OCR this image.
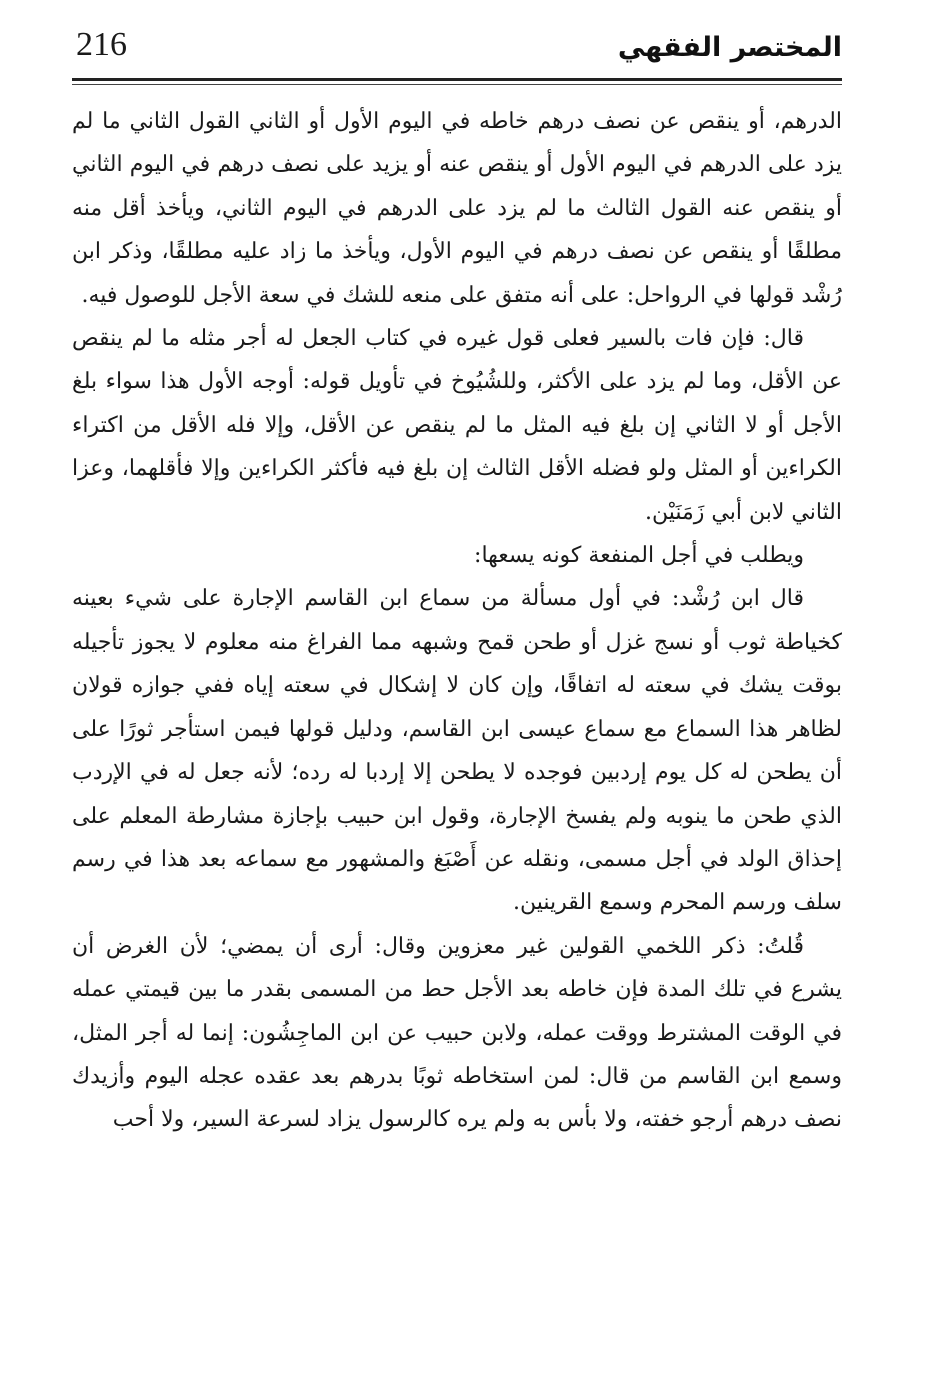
216	المختصر الفقهي

الدرهم، أو ينقص عن نصف درهم خاطه في اليوم الأول أو الثاني القول الثاني ما لم يزد على الدرهم في اليوم الأول أو ينقص عنه أو يزيد على نصف درهم في اليوم الثاني أو ينقص عنه القول الثالث ما لم يزد على الدرهم في اليوم الثاني، ويأخذ أقل منه مطلقًا أو ينقص عن نصف درهم في اليوم الأول، ويأخذ ما زاد عليه مطلقًا، وذكر ابن رُشْد قولها في الرواحل: على أنه متفق على منعه للشك في سعة الأجل للوصول فيه.

قال: فإن فات بالسير فعلى قول غيره في كتاب الجعل له أجر مثله ما لم ينقص عن الأقل، وما لم يزد على الأكثر، وللشُيُوخ في تأويل قوله: أوجه الأول هذا سواء بلغ الأجل أو لا الثاني إن بلغ فيه المثل ما لم ينقص عن الأقل، وإلا فله الأقل من اكتراء الكراءين أو المثل ولو فضله الأقل الثالث إن بلغ فيه فأكثر الكراءين وإلا فأقلهما، وعزا الثاني لابن أبي زَمَنَيْن.

ويطلب في أجل المنفعة كونه يسعها:

قال ابن رُشْد: في أول مسألة من سماع ابن القاسم الإجارة على شيء بعينه كخياطة ثوب أو نسج غزل أو طحن قمح وشبهه مما الفراغ منه معلوم لا يجوز تأجيله بوقت يشك في سعته له اتفاقًا، وإن كان لا إشكال في سعته إياه ففي جوازه قولان لظاهر هذا السماع مع سماع عيسى ابن القاسم، ودليل قولها فيمن استأجر ثورًا على أن يطحن له كل يوم إردبين فوجده لا يطحن إلا إردبا له رده؛ لأنه جعل له في الإردب الذي طحن ما ينوبه ولم يفسخ الإجارة، وقول ابن حبيب بإجازة مشارطة المعلم على إحذاق الولد في أجل مسمى، ونقله عن أَصْبَغ والمشهور مع سماعه بعد هذا في رسم سلف ورسم المحرم وسمع القرينين.

قُلتُ: ذكر اللخمي القولين غير معزوين وقال: أرى أن يمضي؛ لأن الغرض أن يشرع في تلك المدة فإن خاطه بعد الأجل حط من المسمى بقدر ما بين قيمتي عمله في الوقت المشترط ووقت عمله، ولابن حبيب عن ابن الماجِشُون: إنما له أجر المثل، وسمع ابن القاسم من قال: لمن استخاطه ثوبًا بدرهم بعد عقده عجله اليوم وأزيدك نصف درهم أرجو خفته، ولا بأس به ولم يره كالرسول يزاد لسرعة السير، ولا أحب
